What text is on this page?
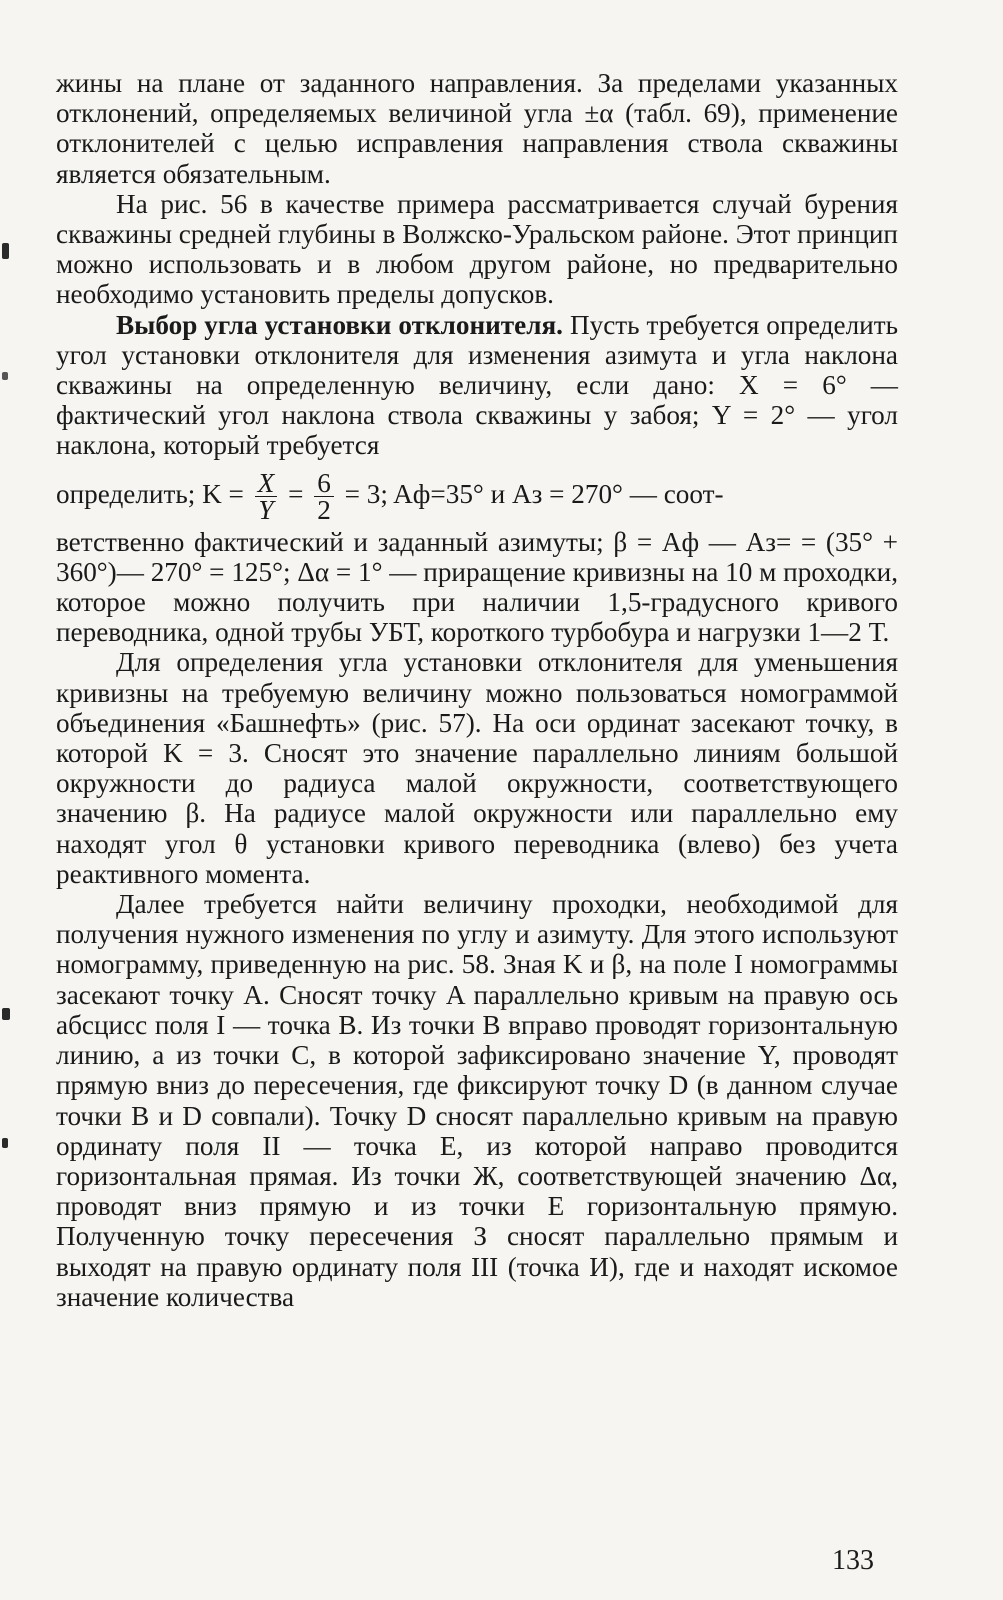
жины на плане от заданного направления. За пределами указанных отклонений, определяемых величиной угла ±α (табл. 69), применение отклонителей с целью исправления направления ствола скважины является обязательным.

На рис. 56 в качестве примера рассматривается случай бурения скважины средней глубины в Волжско-Уральском районе. Этот принцип можно использовать и в любом другом районе, но предварительно необходимо установить пределы допусков.

Выбор угла установки отклонителя. Пусть требуется определить угол установки отклонителя для изменения азимута и угла наклона скважины на определенную величину, если дано: X = 6° — фактический угол наклона ствола скважины у забоя; Y = 2° — угол наклона, который требуется

определить; $K = \frac{X}{Y} = \frac{6}{2} = 3$; Aф=35° и Aз = 270° — соот-

ветственно фактический и заданный азимуты; β = Aф — Aз= = (35° + 360°)— 270° = 125°; Δα = 1° — приращение кривизны на 10 м проходки, которое можно получить при наличии 1,5-градусного кривого переводника, одной трубы УБТ, короткого турбобура и нагрузки 1—2 Т.

Для определения угла установки отклонителя для уменьшения кривизны на требуемую величину можно пользоваться номограммой объединения «Башнефть» (рис. 57). На оси ординат засекают точку, в которой K = 3. Сносят это значение параллельно линиям большой окружности до радиуса малой окружности, соответствующего значению β. На радиусе малой окружности или параллельно ему находят угол θ установки кривого переводника (влево) без учета реактивного момента.

Далее требуется найти величину проходки, необходимой для получения нужного изменения по углу и азимуту. Для этого используют номограмму, приведенную на рис. 58. Зная K и β, на поле I номограммы засекают точку A. Сносят точку A параллельно кривым на правую ось абсцисс поля I — точка B. Из точки B вправо проводят горизонтальную линию, а из точки C, в которой зафиксировано значение Y, проводят прямую вниз до пересечения, где фиксируют точку D (в данном случае точки B и D совпали). Точку D сносят параллельно кривым на правую ординату поля II — точка E, из которой направо проводится горизонтальная прямая. Из точки Ж, соответствующей значению Δα, проводят вниз прямую и из точки E горизонтальную прямую. Полученную точку пересечения З сносят параллельно прямым и выходят на правую ординату поля III (точка И), где и находят искомое значение количества

133
